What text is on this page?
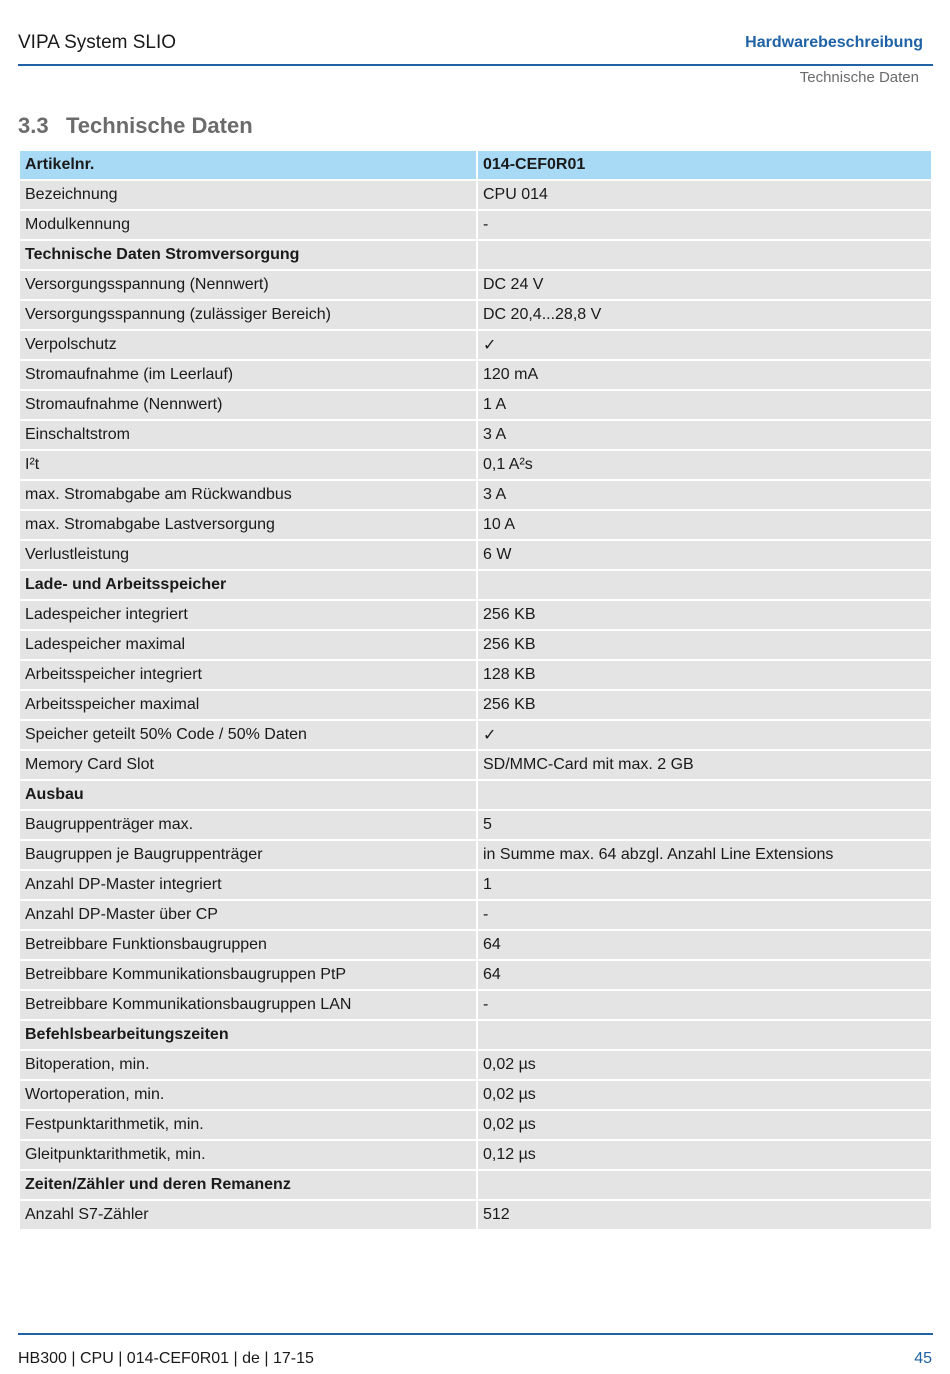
VIPA System SLIO	Hardwarebeschreibung
Technische Daten
3.3 Technische Daten
Artikelnr.	014-CEF0R01
Bezeichnung	CPU 014
Modulkennung	-
Technische Daten Stromversorgung	
Versorgungsspannung (Nennwert)	DC 24 V
Versorgungsspannung (zulässiger Bereich)	DC 20,4...28,8 V
Verpolschutz	✓
Stromaufnahme (im Leerlauf)	120 mA
Stromaufnahme (Nennwert)	1 A
Einschaltstrom	3 A
I²t	0,1 A²s
max. Stromabgabe am Rückwandbus	3 A
max. Stromabgabe Lastversorgung	10 A
Verlustleistung	6 W
Lade- und Arbeitsspeicher	
Ladespeicher integriert	256 KB
Ladespeicher maximal	256 KB
Arbeitsspeicher integriert	128 KB
Arbeitsspeicher maximal	256 KB
Speicher geteilt 50% Code / 50% Daten	✓
Memory Card Slot	SD/MMC-Card mit max. 2 GB
Ausbau	
Baugruppenträger max.	5
Baugruppen je Baugruppenträger	in Summe max. 64 abzgl. Anzahl Line Extensions
Anzahl DP-Master integriert	1
Anzahl DP-Master über CP	-
Betreibbare Funktionsbaugruppen	64
Betreibbare Kommunikationsbaugruppen PtP	64
Betreibbare Kommunikationsbaugruppen LAN	-
Befehlsbearbeitungszeiten	
Bitoperation, min.	0,02 µs
Wortoperation, min.	0,02 µs
Festpunktarithmetik, min.	0,02 µs
Gleitpunktarithmetik, min.	0,12 µs
Zeiten/Zähler und deren Remanenz	
Anzahl S7-Zähler	512
HB300 | CPU | 014-CEF0R01 | de | 17-15	45
